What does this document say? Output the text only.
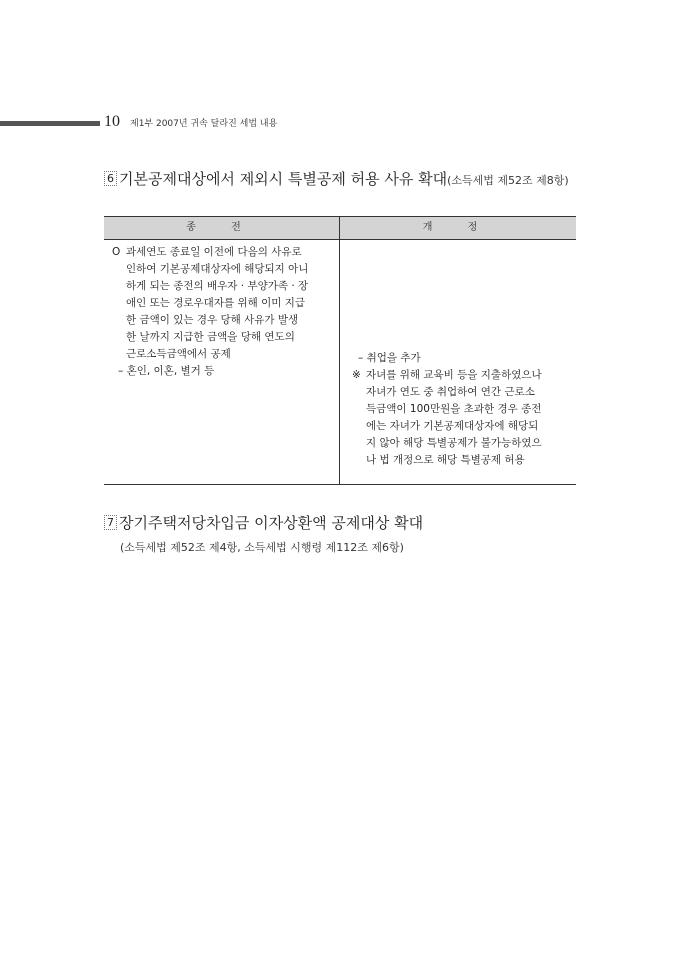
10 제1부 2007년 귀속 달라진 세법 내용
6 기본공제대상에서 제외시 특별공제 허용 사유 확대(소득세법 제52조 제8항)
종 전	개 정
O 과세연도 종료일 이전에 다음의 사유로
인하여 기본공제대상자에 해당되지 아니
하게 되는 종전의 배우자 · 부양가족 · 장
애인 또는 경로우대자를 위해 이미 지급
한 금액이 있는 경우 당해 사유가 발생
한 날까지 지급한 금액을 당해 연도의
근로소득금액에서 공제
– 혼인, 이혼, 별거 등
– 취업을 추가
※ 자녀를 위해 교육비 등을 지출하였으나
자녀가 연도 중 취업하여 연간 근로소
득금액이 100만원을 초과한 경우 종전
에는 자녀가 기본공제대상자에 해당되
지 않아 해당 특별공제가 불가능하였으
나 법 개정으로 해당 특별공제 허용
7 장기주택저당차입금 이자상환액 공제대상 확대
(소득세법 제52조 제4항, 소득세법 시행령 제112조 제6항)
